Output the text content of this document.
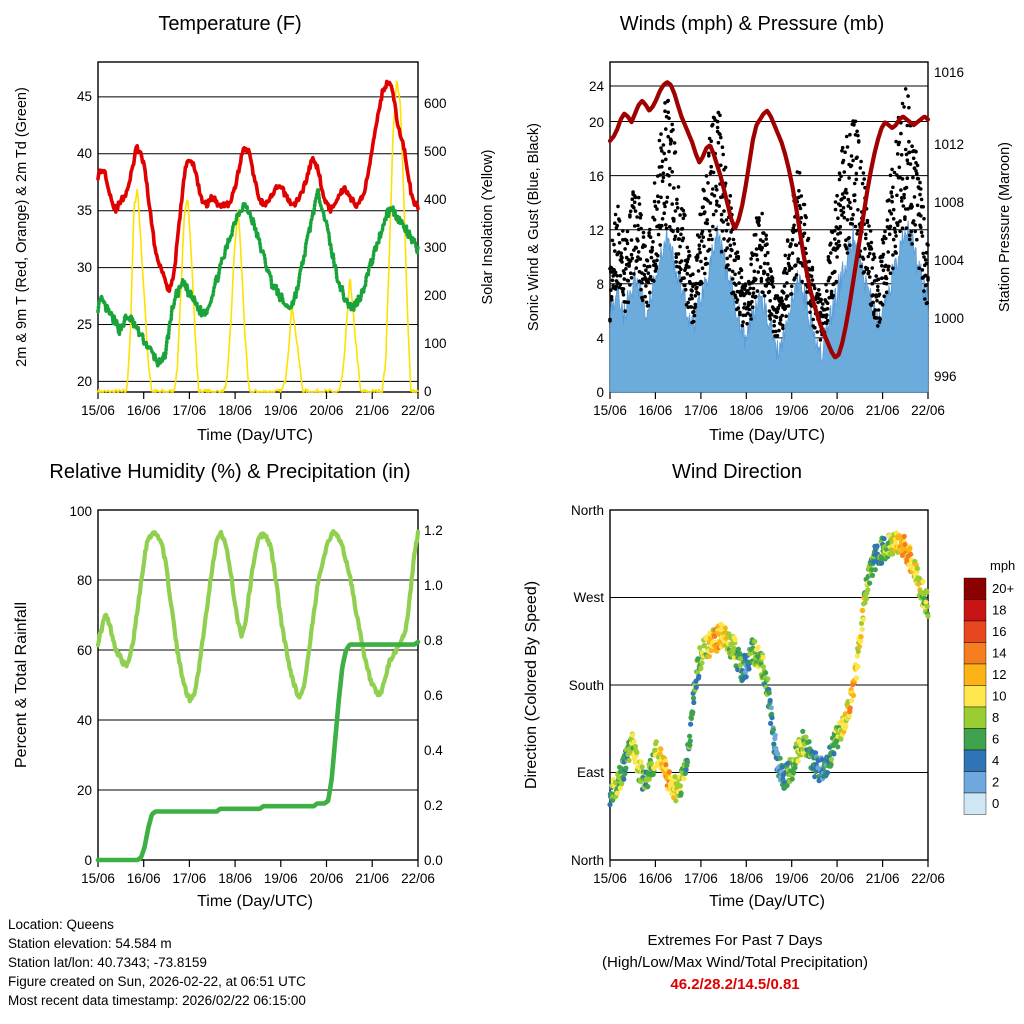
Temperature (F)
20
25
30
35
40
45
0
100
200
300
400
500
600
15/06 16/06 17/06 18/06 19/06 20/06 21/06 22/06
Time (Day/UTC)
2m & 9m T (Red, Orange) & 2m Td (Green)	Solar Insolation (Yellow)
Winds (mph) & Pressure (mb)
0
4
8
12
16
20
24
996
1000
1004
1008
1012
1016
15/06 16/06 17/06 18/06 19/06 20/06 21/06 22/06
Time (Day/UTC)
Sonic Wind & Gust (Blue, Black)	Station Pressure (Maroon)
Relative Humidity (%) & Precipitation (in)
0
20
40
60
80
100
0.0
0.2
0.4
0.6
0.8
1.0
1.2
15/06 16/06 17/06 18/06 19/06 20/06 21/06 22/06
Time (Day/UTC)
Percent & Total Rainfall
Wind Direction
North
East
South
West
North
15/06 16/06 17/06 18/06 19/06 20/06 21/06 22/06
Time (Day/UTC)
Direction (Colored By Speed)	20+
18
16
14
12
10
8
6
4
2
0
mph
Location: Queens
Station elevation: 54.584 m
Station lat/lon: 40.7343; -73.8159
Figure created on Sun, 2026-02-22, at 06:51 UTC
Most recent data timestamp: 2026/02/22 06:15:00
Extremes For Past 7 Days
(High/Low/Max Wind/Total Precipitation)
46.2/28.2/14.5/0.81
